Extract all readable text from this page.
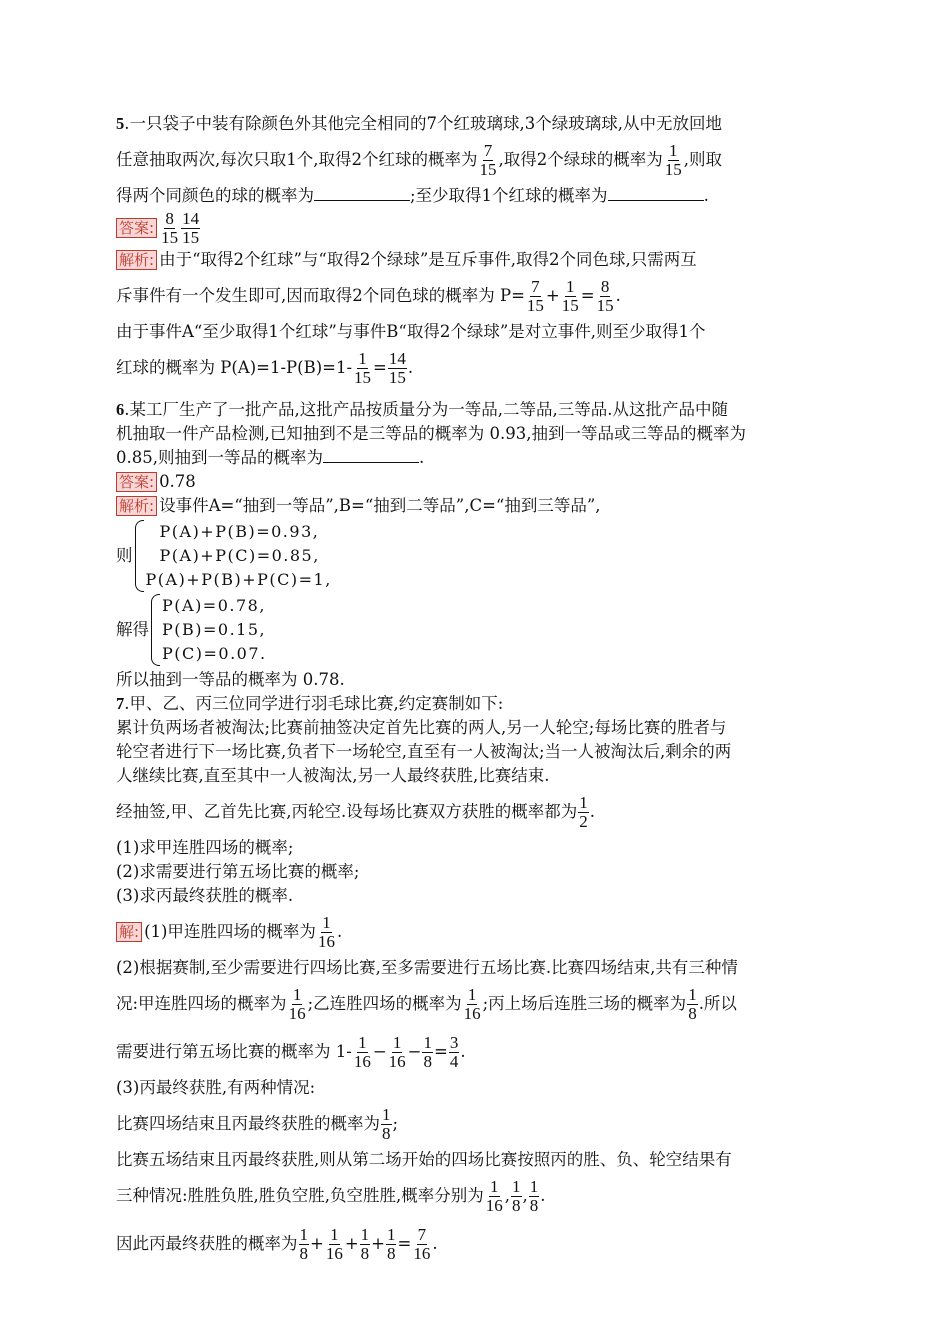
5.一只袋子中装有除颜色外其他完全相同的7个红玻璃球,3个绿玻璃球,从中无放回地
任意抽取两次,每次只取1个,取得2个红球的概率为 $\frac{7}{15}$ ,取得2个绿球的概率为 $\frac{1}{15}$ ,则取
得两个同颜色的球的概率为	;至少取得1个红球的概率为	.
答案: $\frac{8}{15} \frac{14}{15}$
解析: 由于“取得2个红球”与“取得2个绿球”是互斥事件,取得2个同色球,只需两互
斥事件有一个发生即可,因而取得2个同色球的概率为 $P= \frac{7}{15} + \frac{1}{15} = \frac{8}{15}$ .
由于事件A“至少取得1个红球”与事件B“取得2个绿球”是对立事件,则至少取得1个
红球的概率为 $P(A)=1-P(B)=1- \frac{1}{15} = \frac{14}{15}$ .
6.某工厂生产了一批产品,这批产品按质量分为一等品,二等品,三等品.从这批产品中随
机抽取一件产品检测,已知抽到不是三等品的概率为 0.93,抽到一等品或三等品的概率为
0.85,则抽到一等品的概率为	.
答案: 0.78
解析: 设事件A=“抽到一等品”,B=“抽到二等品”,C=“抽到三等品”,
则
P(A)+P(B)=0.93,
P(A)+P(C)=0.85,
P(A)+P(B)+P(C)=1,
解得
P(A)=0.78,
P(B)=0.15,
P(C)=0.07.
所以抽到一等品的概率为 0.78.
7.甲、乙、丙三位同学进行羽毛球比赛,约定赛制如下:
累计负两场者被淘汰;比赛前抽签决定首先比赛的两人,另一人轮空;每场比赛的胜者与
轮空者进行下一场比赛,负者下一场轮空,直至有一人被淘汰;当一人被淘汰后,剩余的两
人继续比赛,直至其中一人被淘汰,另一人最终获胜,比赛结束.
经抽签,甲、乙首先比赛,丙轮空.设每场比赛双方获胜的概率都为 $\frac{1}{2}$ .
(1)求甲连胜四场的概率;
(2)求需要进行第五场比赛的概率;
(3)求丙最终获胜的概率.
解: (1)甲连胜四场的概率为 $\frac{1}{16}$ .
(2)根据赛制,至少需要进行四场比赛,至多需要进行五场比赛.比赛四场结束,共有三种情
况:甲连胜四场的概率为 $\frac{1}{16}$ ;乙连胜四场的概率为 $\frac{1}{16}$ ;丙上场后连胜三场的概率为 $\frac{1}{8}$ .所以
需要进行第五场比赛的概率为 $1- \frac{1}{16} - \frac{1}{16} - \frac{1}{8} = \frac{3}{4}$ .
(3)丙最终获胜,有两种情况:
比赛四场结束且丙最终获胜的概率为 $\frac{1}{8}$ ;
比赛五场结束且丙最终获胜,则从第二场开始的四场比赛按照丙的胜、负、轮空结果有
三种情况:胜胜负胜,胜负空胜,负空胜胜,概率分别为 $\frac{1}{16}$ , $\frac{1}{8}$ , $\frac{1}{8}$ .
因此丙最终获胜的概率为 $\frac{1}{8} + \frac{1}{16} + \frac{1}{8} + \frac{1}{8} = \frac{7}{16}$ .
